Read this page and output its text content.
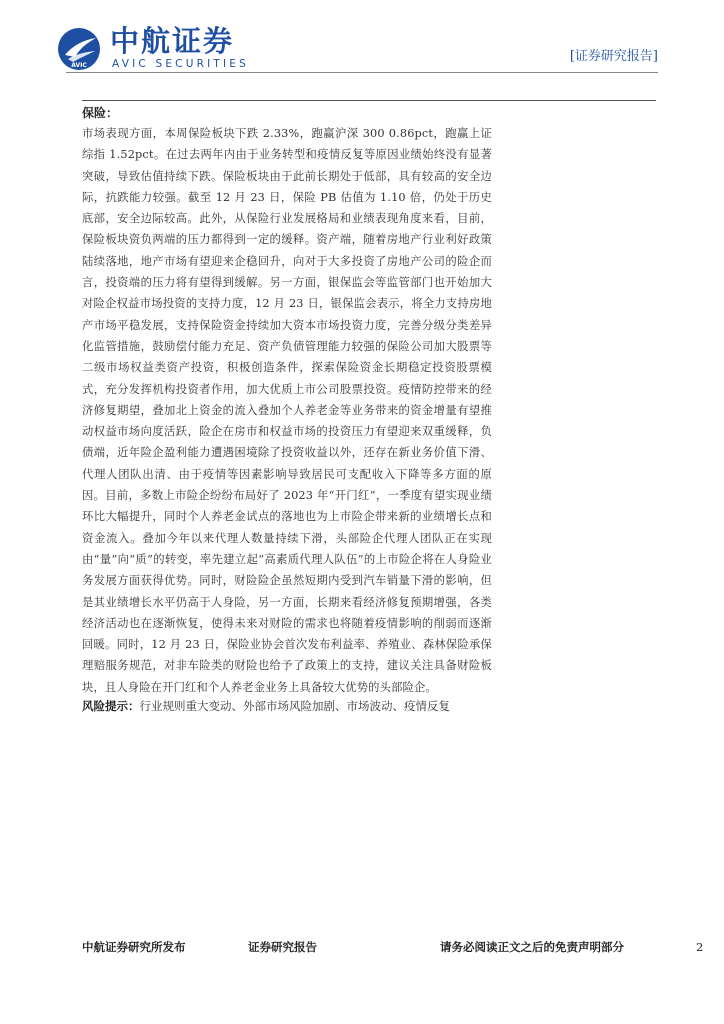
AVIC
中航证券
AVIC SECURITIES	[证券研究报告]

保险：

市场表现方面，本周保险板块下跌 2.33%，跑赢沪深 300 0.86pct，跑赢上证综指 1.52pct。在过去两年内由于业务转型和疫情反复等原因业绩始终没有显著突破，导致估值持续下跌。保险板块由于此前长期处于低部，具有较高的安全边际，抗跌能力较强。截至 12 月 23 日，保险 PB 估值为 1.10 倍，仍处于历史底部，安全边际较高。此外，从保险行业发展格局和业绩表现角度来看，目前，保险板块资负两端的压力都得到一定的缓释。资产端，随着房地产行业利好政策陆续落地，地产市场有望迎来企稳回升，向对于大多投资了房地产公司的险企而言，投资端的压力将有望得到缓解。另一方面，银保监会等监管部门也开始加大对险企权益市场投资的支持力度，12 月 23 日，银保监会表示，将全力支持房地产市场平稳发展，支持保险资金持续加大资本市场投资力度，完善分级分类差异化监管措施，鼓励偿付能力充足、资产负债管理能力较强的保险公司加大股票等二级市场权益类资产投资，积极创造条件，探索保险资金长期稳定投资股票模式，充分发挥机构投资者作用，加大优质上市公司股票投资。疫情防控带来的经济修复期望，叠加北上资金的流入叠加个人养老金等业务带来的资金增量有望推动权益市场向度活跃，险企在房市和权益市场的投资压力有望迎来双重缓释，负债端，近年险企盈利能力遭遇困境除了投资收益以外，还存在新业务价值下滑、代理人团队出清、由于疫情等因素影响导致居民可支配收入下降等多方面的原因。目前，多数上市险企纷纷布局好了 2023 年“开门红”，一季度有望实现业绩环比大幅提升，同时个人养老金试点的落地也为上市险企带来新的业绩增长点和资金流入。叠加今年以来代理人数量持续下滑，头部险企代理人团队正在实现由“量”向“质”的转变，率先建立起“高素质代理人队伍”的上市险企将在人身险业务发展方面获得优势。同时，财险险企虽然短期内受到汽车销量下滑的影响，但是其业绩增长水平仍高于人身险，另一方面，长期来看经济修复预期增强，各类经济活动也在逐渐恢复，使得未来对财险的需求也将随着疫情影响的削弱而逐渐回暖。同时，12 月 23 日，保险业协会首次发布利益率、养殖业、森林保险承保理赔服务规范，对非车险类的财险也给予了政策上的支持，建议关注具备财险板块，且人身险在开门红和个人养老金业务上具备较大优势的头部险企。

风险提示：行业规则重大变动、外部市场风险加剧、市场波动、疫情反复
中航证券研究所发布	证券研究报告	请务必阅读正文之后的免责声明部分	2
